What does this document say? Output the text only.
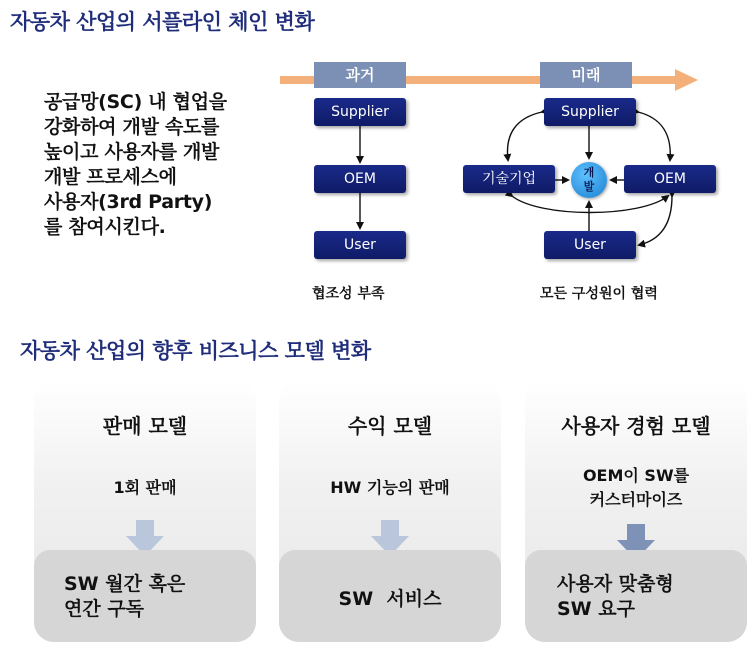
자동차 산업의 서플라인 체인 변화
공급망(SC) 내 협업을
강화하여 개발 속도를
높이고 사용자를 개발
개발 프로세스에
사용자(3rd Party)
를 참여시킨다.
과거	미래
Supplier
OEM
User
협조성 부족
Supplier
기술기업	OEM
User
개발
모든 구성원이 협력
자동차 산업의 향후 비즈니스 모델 변화
판매 모델
1회 판매
SW 월간 혹은
연간 구독
수익 모델
HW 기능의 판매
SW  서비스
사용자 경험 모델
OEM이 SW를
커스터마이즈
사용자 맞춤형
SW 요구
